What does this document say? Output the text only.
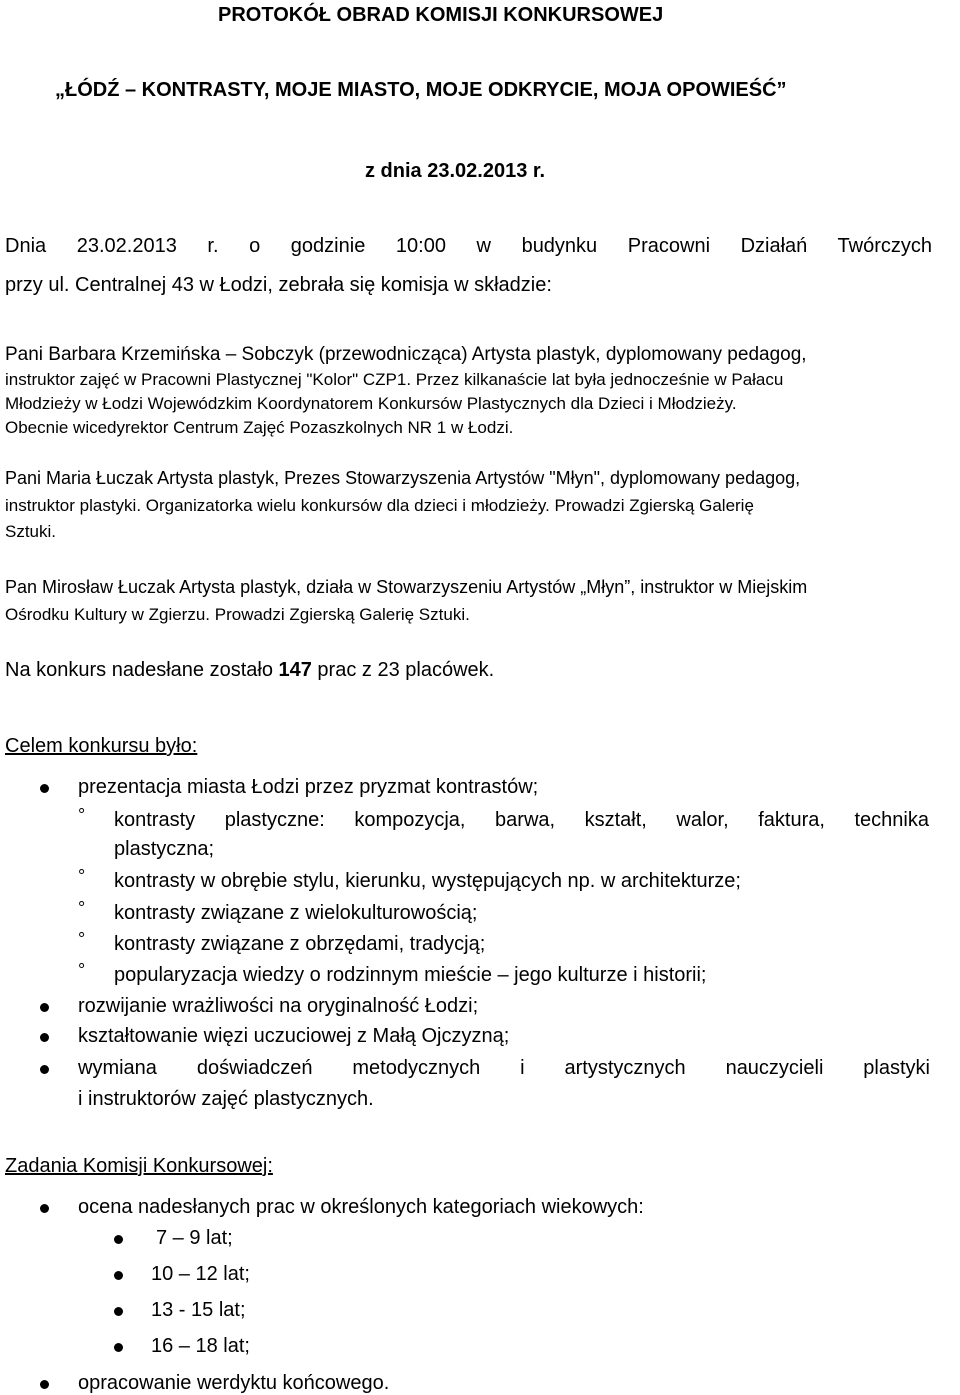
PROTOKÓŁ OBRAD KOMISJI KONKURSOWEJ
„ŁÓDŹ – KONTRASTY, MOJE MIASTO, MOJE ODKRYCIE, MOJA OPOWIEŚĆ”
z dnia 23.02.2013 r.
Dnia 23.02.2013 r. o godzinie 10:00 w budynku Pracowni Działań Twórczych
przy ul. Centralnej 43 w Łodzi, zebrała się komisja w składzie:
Pani Barbara Krzemińska – Sobczyk (przewodnicząca) Artysta plastyk, dyplomowany pedagog,
instruktor zajęć w Pracowni Plastycznej "Kolor" CZP1. Przez kilkanaście lat była jednocześnie w Pałacu
Młodzieży w Łodzi Wojewódzkim Koordynatorem Konkursów Plastycznych dla Dzieci i Młodzieży.
Obecnie wicedyrektor Centrum Zajęć Pozaszkolnych NR 1 w Łodzi.
Pani Maria Łuczak Artysta plastyk, Prezes Stowarzyszenia Artystów "Młyn", dyplomowany pedagog,
instruktor plastyki. Organizatorka wielu konkursów dla dzieci i młodzieży. Prowadzi Zgierską Galerię
Sztuki.
Pan Mirosław Łuczak Artysta plastyk, działa w Stowarzyszeniu Artystów „Młyn”, instruktor w Miejskim
Ośrodku Kultury w Zgierzu. Prowadzi Zgierską Galerię Sztuki.
Na konkurs nadesłane zostało 147 prac z 23 placówek.
Celem konkursu było:
prezentacja miasta Łodzi przez pryzmat kontrastów;
° kontrasty plastyczne: kompozycja, barwa, kształt, walor, faktura, technika
plastyczna;
° kontrasty w obrębie stylu, kierunku, występujących np. w architekturze;
° kontrasty związane z wielokulturowością;
° kontrasty związane z obrzędami, tradycją;
° popularyzacja wiedzy o rodzinnym mieście – jego kulturze i historii;
rozwijanie wrażliwości na oryginalność Łodzi;
kształtowanie więzi uczuciowej z Małą Ojczyzną;
wymiana doświadczeń metodycznych i artystycznych nauczycieli plastyki
i instruktorów zajęć plastycznych.
Zadania Komisji Konkursowej:
ocena nadesłanych prac w określonych kategoriach wiekowych:
7 – 9 lat;
10 – 12 lat;
13 - 15 lat;
16 – 18 lat;
opracowanie werdyktu końcowego.
